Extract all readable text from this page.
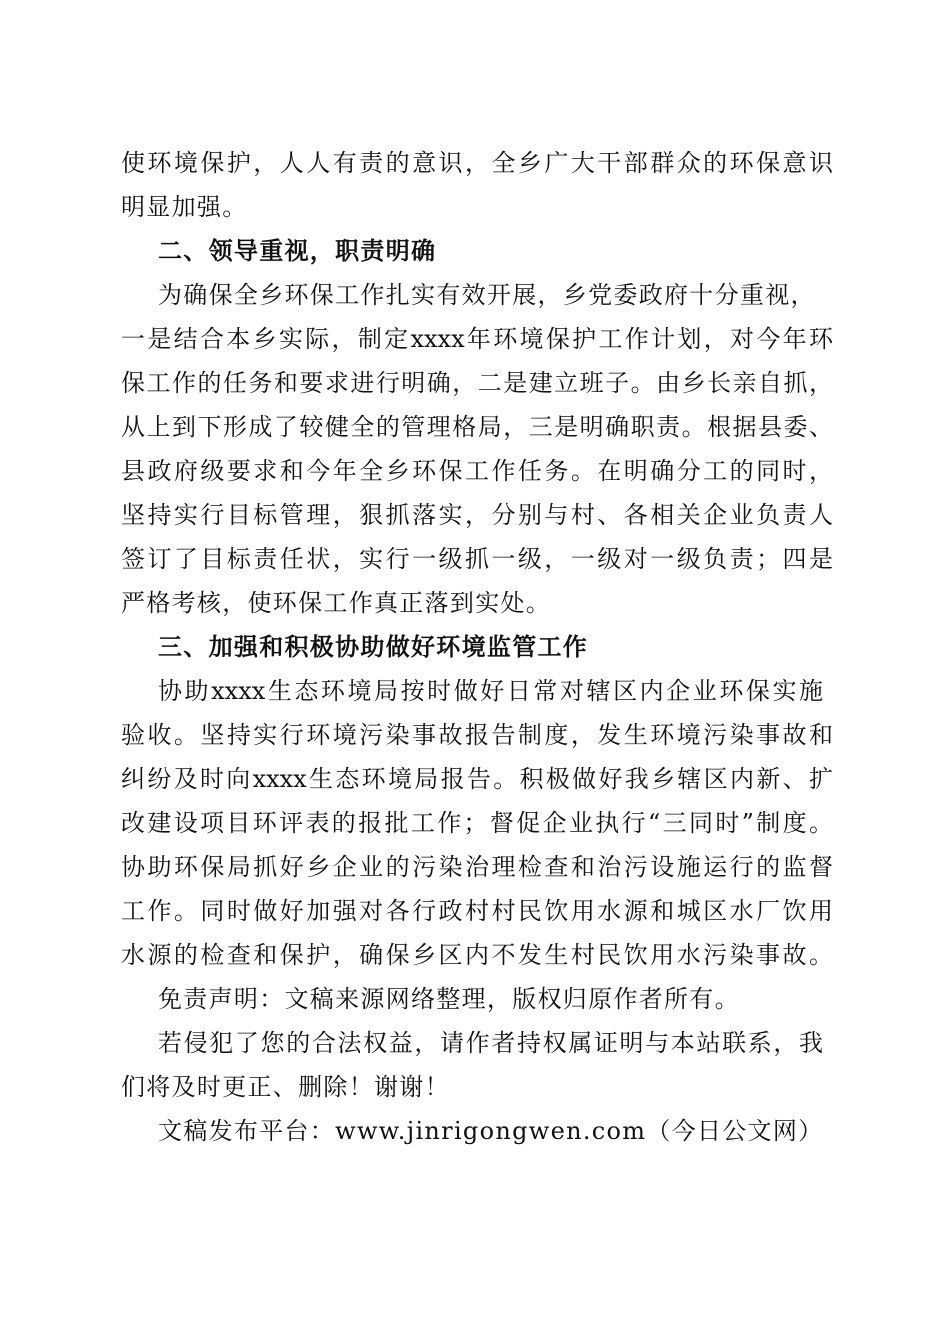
使环境保护，人人有责的意识，全乡广大干部群众的环保意识
明显加强。
二、领导重视，职责明确
为确保全乡环保工作扎实有效开展，乡党委政府十分重视，
一是结合本乡实际，制定xxxx年环境保护工作计划，对今年环
保工作的任务和要求进行明确，二是建立班子。由乡长亲自抓，
从上到下形成了较健全的管理格局，三是明确职责。根据县委、
县政府级要求和今年全乡环保工作任务。在明确分工的同时，
坚持实行目标管理，狠抓落实，分别与村、各相关企业负责人
签订了目标责任状，实行一级抓一级，一级对一级负责；四是
严格考核，使环保工作真正落到实处。
三、加强和积极协助做好环境监管工作
协助xxxx生态环境局按时做好日常对辖区内企业环保实施
验收。坚持实行环境污染事故报告制度，发生环境污染事故和
纠纷及时向xxxx生态环境局报告。积极做好我乡辖区内新、扩
改建设项目环评表的报批工作；督促企业执行“三同时”制度。
协助环保局抓好乡企业的污染治理检查和治污设施运行的监督
工作。同时做好加强对各行政村村民饮用水源和城区水厂饮用
水源的检查和保护，确保乡区内不发生村民饮用水污染事故。
免责声明：文稿来源网络整理，版权归原作者所有。
若侵犯了您的合法权益，请作者持权属证明与本站联系，我
们将及时更正、删除！谢谢！
文稿发布平台：www.jinrigongwen.com（今日公文网）
